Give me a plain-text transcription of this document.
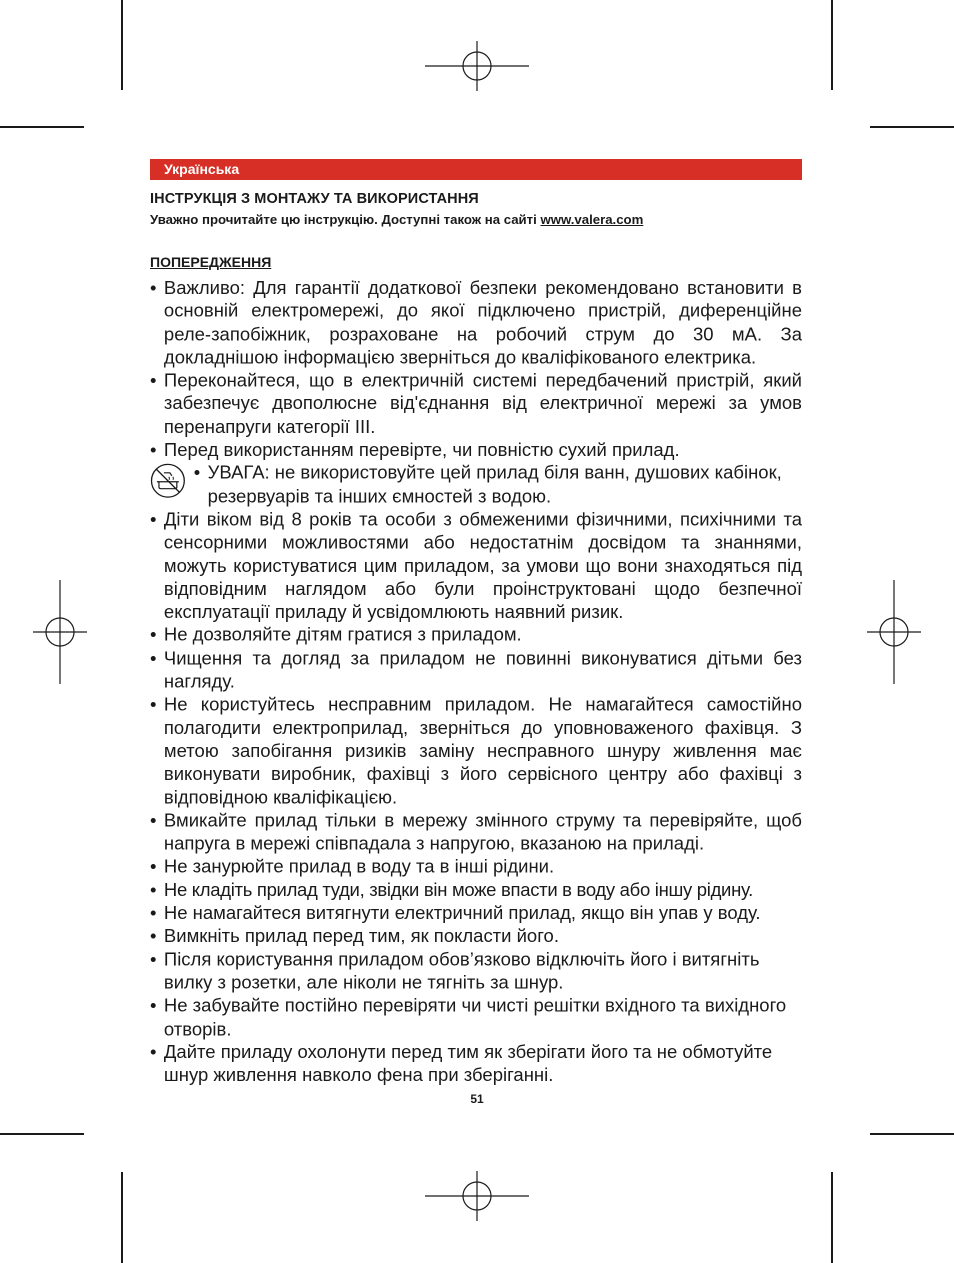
Українська
ІНСТРУКЦІЯ З МОНТАЖУ ТА ВИКОРИСТАННЯ
Уважно прочитайте цю інструкцію. Доступні також на сайті www.valera.com
ПОПЕРЕДЖЕННЯ

• Важливо: Для гарантії додаткової безпеки рекомендовано встановити в основній електромережі, до якої підключено пристрій, диференційне реле-запобіжник, розраховане на робочий струм до 30 мА. За докладнішою інформацією зверніться до кваліфікованого електрика.

• Переконайтеся, що в електричній системі передбачений пристрій, який забезпечує двополюсне від'єднання від електричної мережі за умов перенапруги категорії III.

• Перед використанням перевірте, чи повністю сухий прилад.

• УВАГА: не використовуйте цей прилад біля ванн, душових кабінок, резервуарів та інших ємностей з водою.

• Діти віком від 8 років та особи з обмеженими фізичними, психічними та сенсорними можливостями або недостатнім досвідом та знаннями, можуть користуватися цим приладом, за умови що вони знаходяться під відповідним наглядом або були проінструктовані щодо безпечної експлуатації приладу й усвідомлюють наявний ризик.

• Не дозволяйте дітям гратися з приладом.

• Чищення та догляд за приладом не повинні виконуватися дітьми без нагляду.

• Не користуйтесь несправним приладом. Не намагайтеся самостійно полагодити електроприлад, зверніться до уповноваженого фахівця. З метою запобігання ризиків заміну несправного шнуру живлення має виконувати виробник, фахівці з його сервісного центру або фахівці з відповідною кваліфікацією.

• Вмикайте прилад тільки в мережу змінного струму та перевіряйте, щоб напруга в мережі співпадала з напругою, вказаною на приладі.

• Не занурюйте прилад в воду та в інші рідини.

• Не кладіть прилад туди, звідки він може впасти в воду або іншу рідину.

• Не намагайтеся витягнути електричний прилад, якщо він упав у воду.

• Вимкніть прилад перед тим, як покласти його.

• Після користування приладом обов’язково відключіть його і витягніть вилку з розетки, але ніколи не тягніть за шнур.

• Не забувайте постійно перевіряти чи чисті решітки вхідного та вихідного отворів.

• Дайте приладу охолонути перед тим як зберігати його та не обмотуйте шнур живлення навколо фена при зберіганні.

51
